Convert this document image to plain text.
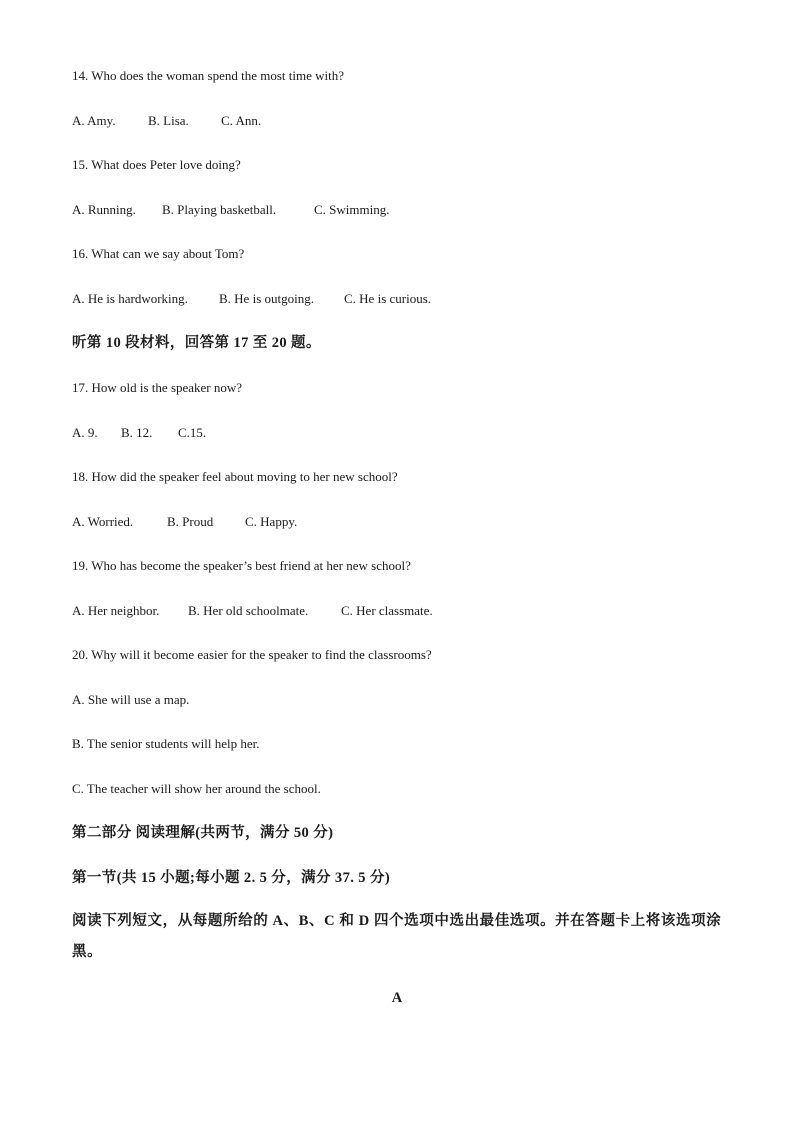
14. Who does the woman spend the most time with?

A. Amy. B. Lisa. C. Ann.

15. What does Peter love doing?

A. Running. B. Playing basketball.	C. Swimming.

16. What can we say about Tom?

A. He is hardworking. B. He is outgoing. C. He is curious.

听第 10 段材料，回答第 17 至 20 题。

17. How old is the speaker now?

A. 9. B. 12. C.15.

18. How did the speaker feel about moving to her new school?

A. Worried.	B. Proud C. Happy.

19. Who has become the speaker’s best friend at her new school?

A. Her neighbor. B. Her old schoolmate.	C. Her classmate.

20. Why will it become easier for the speaker to find the classrooms?

A. She will use a map.

B. The senior students will help her.

C. The teacher will show her around the school.

第二部分 阅读理解(共两节，满分 50 分)

第一节(共 15 小题;每小题 2. 5 分，满分 37. 5 分)

阅读下列短文，从每题所给的 A、B、C 和 D 四个选项中选出最佳选项。并在答题卡上将该选项涂黑。

A
